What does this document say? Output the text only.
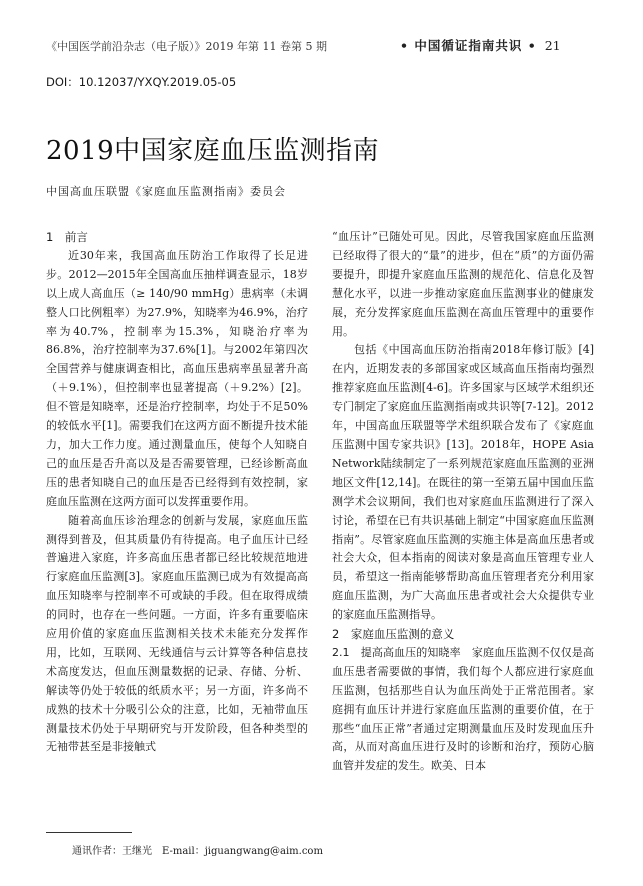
《中国医学前沿杂志（电子版）》2019 年第 11 卷第 5 期	• 中国循证指南共识 • 21
DOI：10.12037/YXQY.2019.05-05
2019中国家庭血压监测指南
中国高血压联盟《家庭血压监测指南》委员会
1　前言

近30年来，我国高血压防治工作取得了长足进步。2012—2015年全国高血压抽样调查显示，18岁以上成人高血压（≥ 140/90 mmHg）患病率（未调整人口比例粗率）为27.9%，知晓率为46.9%，治疗率为40.7%，控制率为15.3%，知晓治疗率为86.8%，治疗控制率为37.6%[1]。与2002年第四次全国营养与健康调查相比，高血压患病率虽显著升高（＋9.1%），但控制率也显著提高（＋9.2%）[2]。但不管是知晓率，还是治疗控制率，均处于不足50%的较低水平[1]。需要我们在这两方面不断提升技术能力，加大工作力度。通过测量血压，使每个人知晓自己的血压是否升高以及是否需要管理，已经诊断高血压的患者知晓自己的血压是否已经得到有效控制，家庭血压监测在这两方面可以发挥重要作用。

随着高血压诊治理念的创新与发展，家庭血压监测得到普及，但其质量仍有待提高。电子血压计已经普遍进入家庭，许多高血压患者都已经比较规范地进行家庭血压监测[3]。家庭血压监测已成为有效提高高血压知晓率与控制率不可或缺的手段。但在取得成绩的同时，也存在一些问题。一方面，许多有重要临床应用价值的家庭血压监测相关技术未能充分发挥作用，比如，互联网、无线通信与云计算等各种信息技术高度发达，但血压测量数据的记录、存储、分析、解读等仍处于较低的纸质水平；另一方面，许多尚不成熟的技术十分吸引公众的注意，比如，无袖带血压测量技术仍处于早期研究与开发阶段，但各种类型的无袖带甚至是非接触式

“血压计”已随处可见。因此，尽管我国家庭血压监测已经取得了很大的“量”的进步，但在“质”的方面仍需要提升，即提升家庭血压监测的规范化、信息化及智慧化水平，以进一步推动家庭血压监测事业的健康发展，充分发挥家庭血压监测在高血压管理中的重要作用。

包括《中国高血压防治指南2018年修订版》[4]在内，近期发表的多部国家或区域高血压指南均强烈推荐家庭血压监测[4-6]。许多国家与区域学术组织还专门制定了家庭血压监测指南或共识等[7-12]。2012年，中国高血压联盟等学术组织联合发布了《家庭血压监测中国专家共识》[13]。2018年，HOPE Asia Network陆续制定了一系列规范家庭血压监测的亚洲地区文件[12,14]。在既往的第一至第五届中国血压监测学术会议期间，我们也对家庭血压监测进行了深入讨论，希望在已有共识基础上制定“中国家庭血压监测指南”。尽管家庭血压监测的实施主体是高血压患者或社会大众，但本指南的阅读对象是高血压管理专业人员，希望这一指南能够帮助高血压管理者充分利用家庭血压监测，为广大高血压患者或社会大众提供专业的家庭血压监测指导。

2　家庭血压监测的意义

2.1　提高高血压的知晓率　 家庭血压监测不仅仅是高血压患者需要做的事情，我们每个人都应进行家庭血压监测，包括那些自认为血压尚处于正常范围者。家庭拥有血压计并进行家庭血压监测的重要价值，在于那些“血压正常”者通过定期测量血压及时发现血压升高，从而对高血压进行及时的诊断和治疗，预防心脑血管并发症的发生。欧美、日本

通讯作者：王继光　E-mail：jiguangwang@aim.com
